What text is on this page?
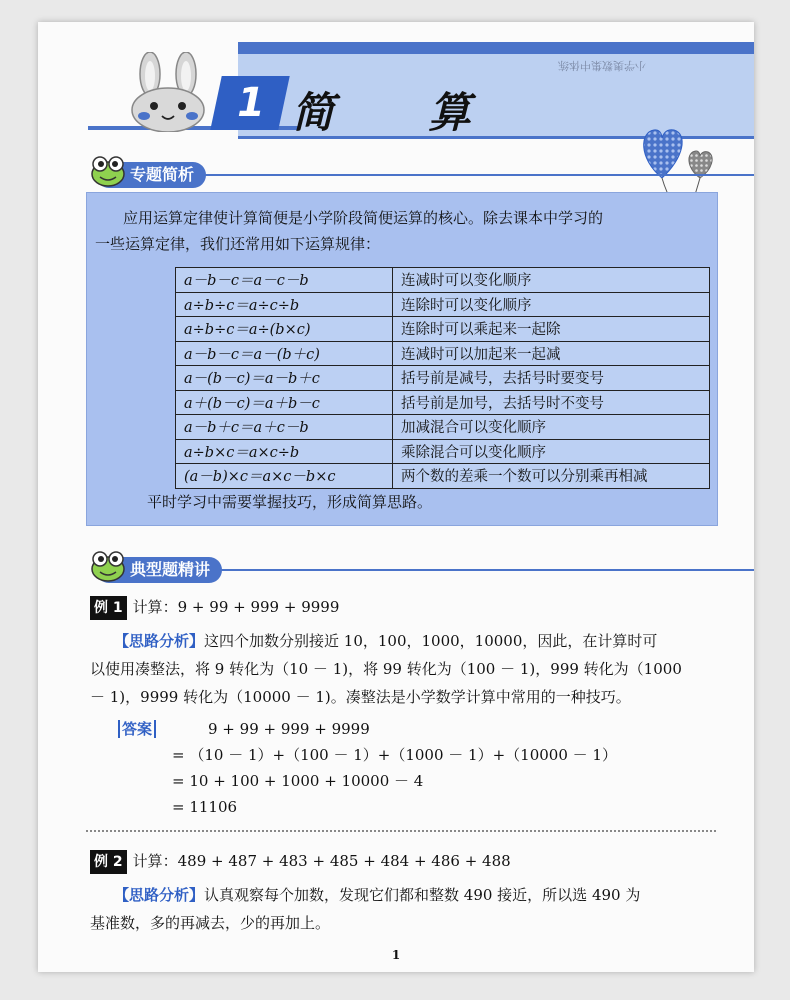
小学奥数集中体练
1 简 算
专题简析
应用运算定律使计算简便是小学阶段简便运算的核心。除去课本中学习的
一些运算定律，我们还常用如下运算规律：
a－b－c＝a－c－b	连减时可以变化顺序
a÷b÷c＝a÷c÷b	连除时可以变化顺序
a÷b÷c＝a÷(b×c)	连除时可以乘起来一起除
a－b－c＝a－(b＋c)	连减时可以加起来一起减
a－(b－c)＝a－b＋c	括号前是减号，去括号时要变号
a＋(b－c)＝a＋b－c	括号前是加号，去括号时不变号
a－b＋c＝a＋c－b	加减混合可以变化顺序
a÷b×c＝a×c÷b	乘除混合可以变化顺序
(a－b)×c＝a×c－b×c	两个数的差乘一个数可以分别乘再相减
平时学习中需要掌握技巧，形成简算思路。
典型题精讲
例 1 计算：9 + 99 + 999 + 9999
【思路分析】这四个加数分别接近 10，100，1000，10000，因此，在计算时可
以使用凑整法，将 9 转化为（10 － 1)，将 99 转化为（100 － 1)，999 转化为（1000
－ 1)，9999 转化为（10000 － 1)。凑整法是小学数学计算中常用的一种技巧。
答案	9 + 99 + 999 + 9999
= （10 － 1）+（100 － 1）+（1000 － 1）+（10000 － 1）
= 10 + 100 + 1000 + 10000 － 4
= 11106
例 2 计算：489 + 487 + 483 + 485 + 484 + 486 + 488
【思路分析】认真观察每个加数，发现它们都和整数 490 接近，所以选 490 为
基准数，多的再减去，少的再加上。
1
